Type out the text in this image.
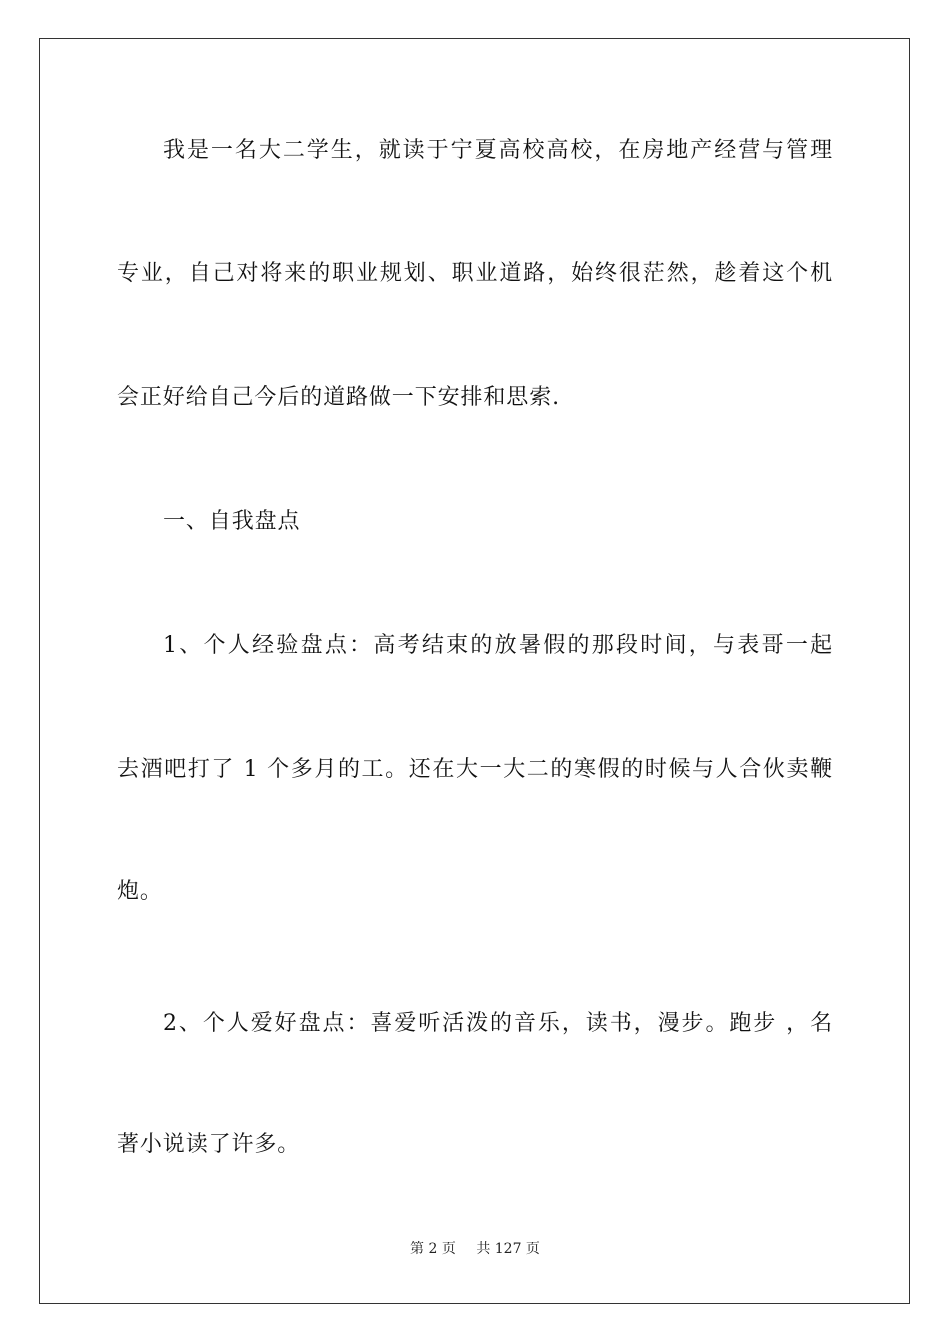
我是一名大二学生，就读于宁夏高校高校，在房地产经营与管理
专业，自己对将来的职业规划、职业道路，始终很茫然，趁着这个机
会正好给自己今后的道路做一下安排和思索.
一、自我盘点
1、个人经验盘点：高考结束的放暑假的那段时间，与表哥一起
去酒吧打了 1 个多月的工。还在大一大二的寒假的时候与人合伙卖鞭
炮。
2、个人爱好盘点：喜爱听活泼的音乐，读书，漫步。跑步 ，名
著小说读了许多。
第 2 页 共 127 页
